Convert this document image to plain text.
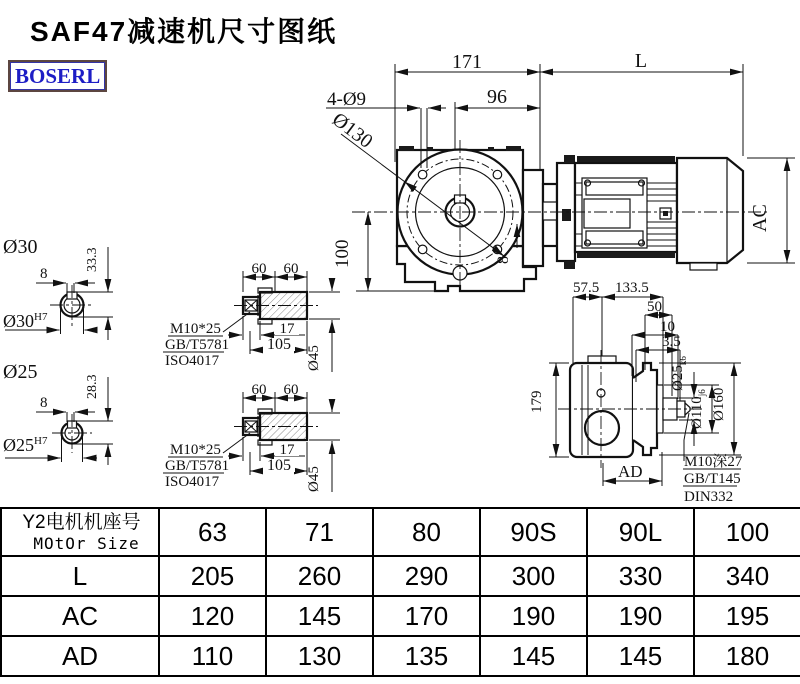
SAF47减速机尺寸图纸
BOSERL
171	L
96
4-Ø9
Ø130
100	8
AC
Ø30
8
33.3
$Ø30^{H7}$
Ø25
8
28.3
$Ø25^{H7}$
60 60
17
105
Ø45
M10*25
GB/T5781
ISO4017
60 60
17
105
Ø45
M10*25
GB/T5781
ISO4017
57.5 133.5
50
10
3.5
179
AD
$Ø25_{k6}$
$Ø110_{j6}$ Ø160
M10深27
GB/T145
DIN332
Y2电机机座号
MOtOr Size	63	71	80	90S	90L	100
L	205	260	290	300	330	340
AC	120	145	170	190	190	195
AD	110	130	135	145	145	180
